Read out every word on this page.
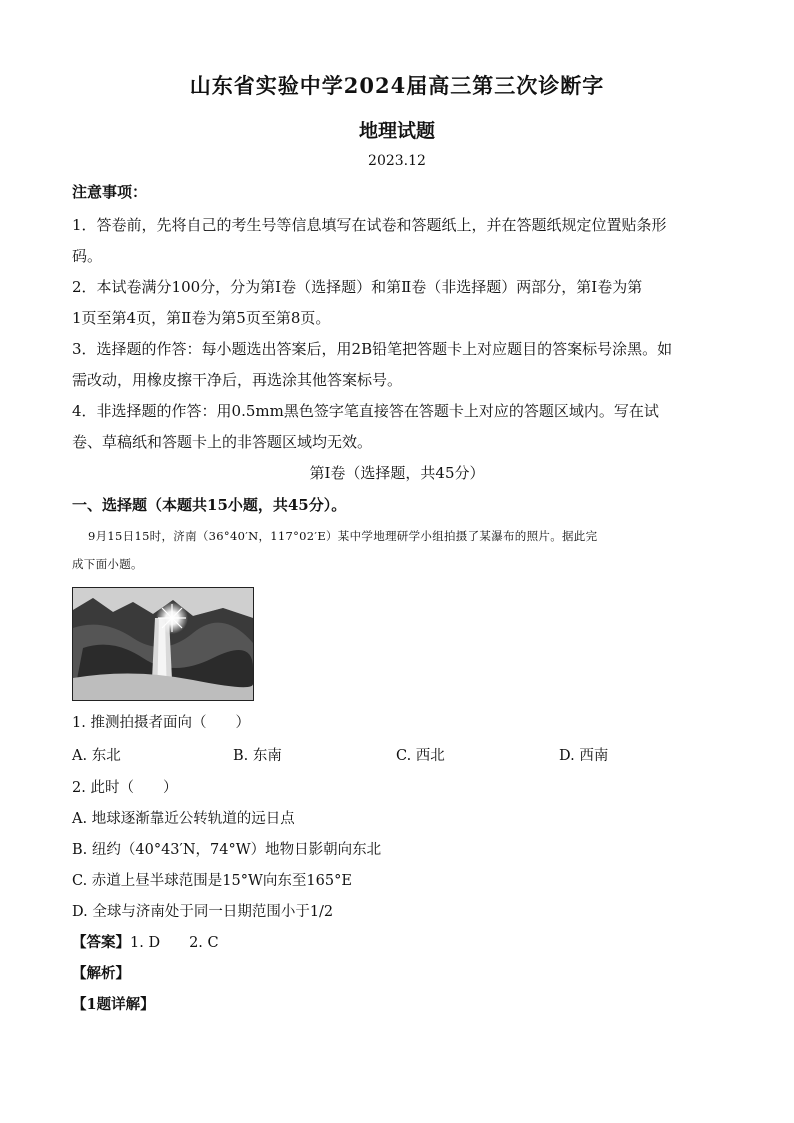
山东省实验中学2024届高三第三次诊断字
地理试题
2023.12
注意事项：
1．答卷前，先将自己的考生号等信息填写在试卷和答题纸上，并在答题纸规定位置贴条形
码。
2．本试卷满分100分，分为第Ⅰ卷（选择题）和第Ⅱ卷（非选择题）两部分，第Ⅰ卷为第
1页至第4页，第Ⅱ卷为第5页至第8页。
3．选择题的作答：每小题选出答案后，用2B铅笔把答题卡上对应题目的答案标号涂黑。如
需改动，用橡皮擦干净后，再选涂其他答案标号。
4．非选择题的作答：用0.5mm黑色签字笔直接答在答题卡上对应的答题区域内。写在试
卷、草稿纸和答题卡上的非答题区域均无效。
第Ⅰ卷（选择题，共45分）
一、选择题（本题共15小题，共45分）。
9月15日15时，济南（36°40′N，117°02′E）某中学地理研学小组拍摄了某瀑布的照片。据此完
成下面小题。
1. 推测拍摄者面向（　　）
A. 东北	B. 东南	C. 西北	D. 西南
2. 此时（　　）
A. 地球逐渐靠近公转轨道的远日点
B. 纽约（40°43′N，74°W）地物日影朝向东北
C. 赤道上昼半球范围是15°W向东至165°E
D. 全球与济南处于同一日期范围小于1/2
【答案】1. D　　2. C
【解析】
【1题详解】
